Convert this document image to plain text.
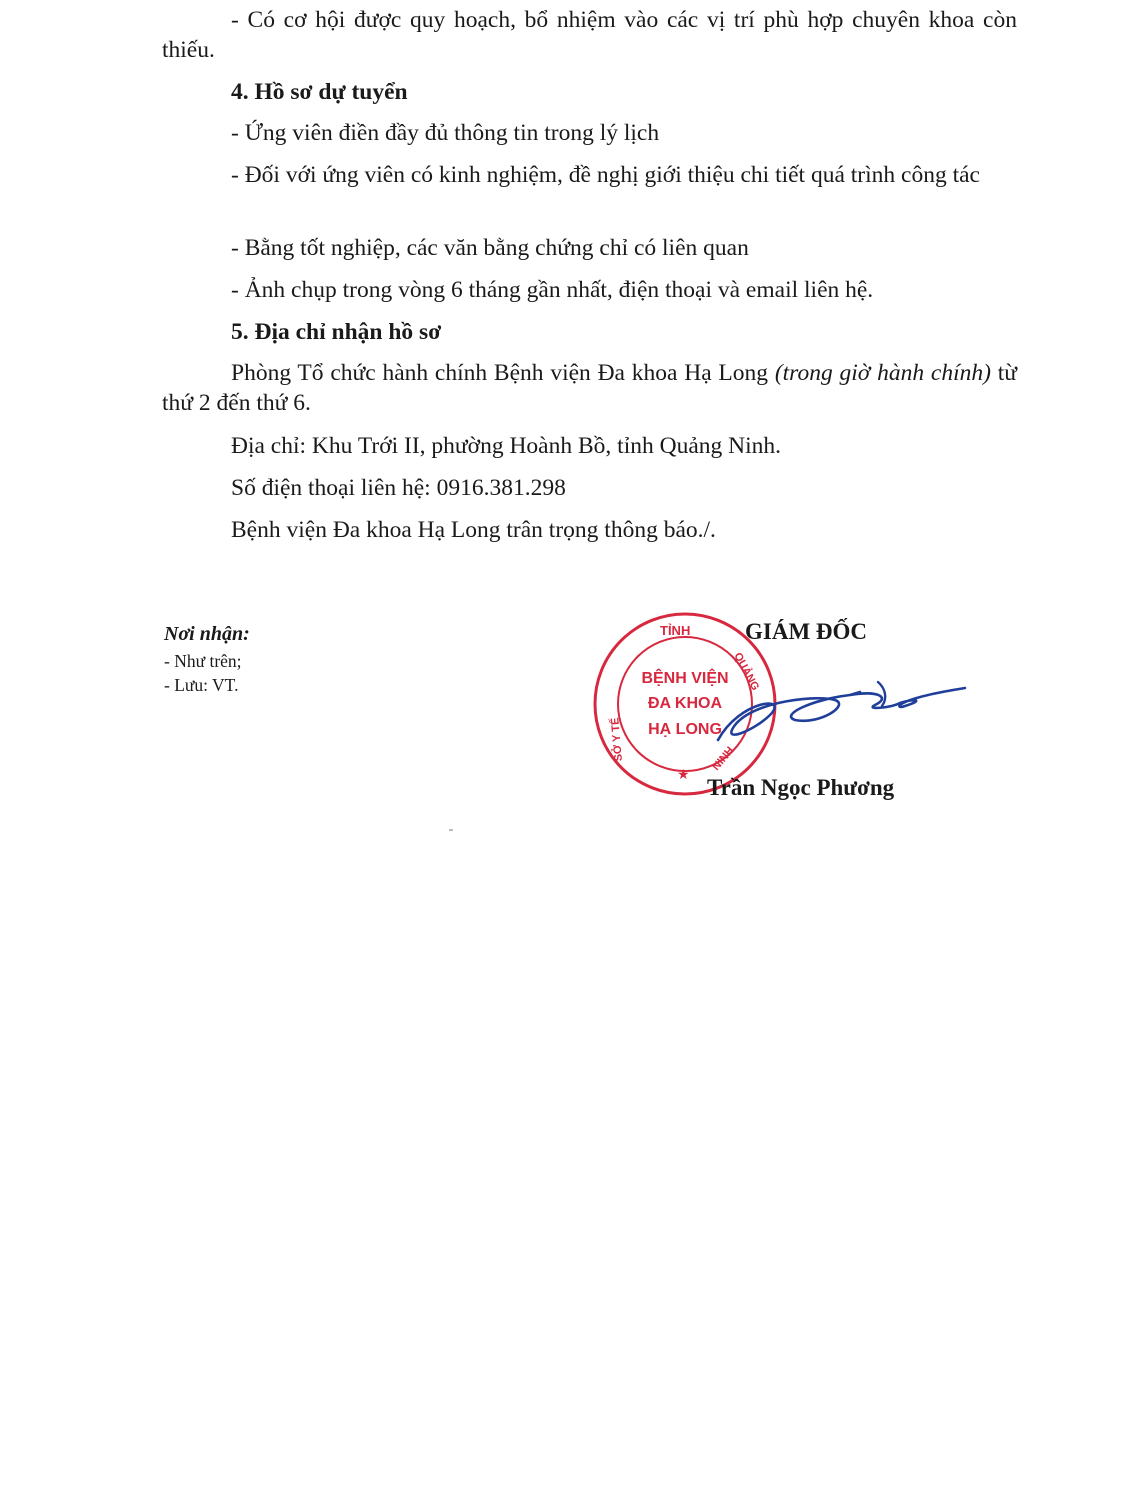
- Có cơ hội được quy hoạch, bổ nhiệm vào các vị trí phù hợp chuyên khoa còn thiếu.
4. Hồ sơ dự tuyển
- Ứng viên điền đầy đủ thông tin trong lý lịch
- Đối với ứng viên có kinh nghiệm, đề nghị giới thiệu chi tiết quá trình công tác
- Bằng tốt nghiệp, các văn bằng chứng chỉ có liên quan
- Ảnh chụp trong vòng 6 tháng gần nhất, điện thoại và email liên hệ.
5. Địa chỉ nhận hồ sơ
Phòng Tổ chức hành chính Bệnh viện Đa khoa Hạ Long (trong giờ hành chính) từ thứ 2 đến thứ 6.
Địa chỉ: Khu Trới II, phường Hoành Bồ, tỉnh Quảng Ninh.
Số điện thoại liên hệ: 0916.381.298
Bệnh viện Đa khoa Hạ Long trân trọng thông báo./.
Nơi nhận:
- Như trên;
- Lưu: VT.
TỈNH
QUẢNG
NINH
SỞ Y TẾ
★
BỆNH VIỆN
ĐA KHOA
HẠ LONG
GIÁM ĐỐC
Trần Ngọc Phương
